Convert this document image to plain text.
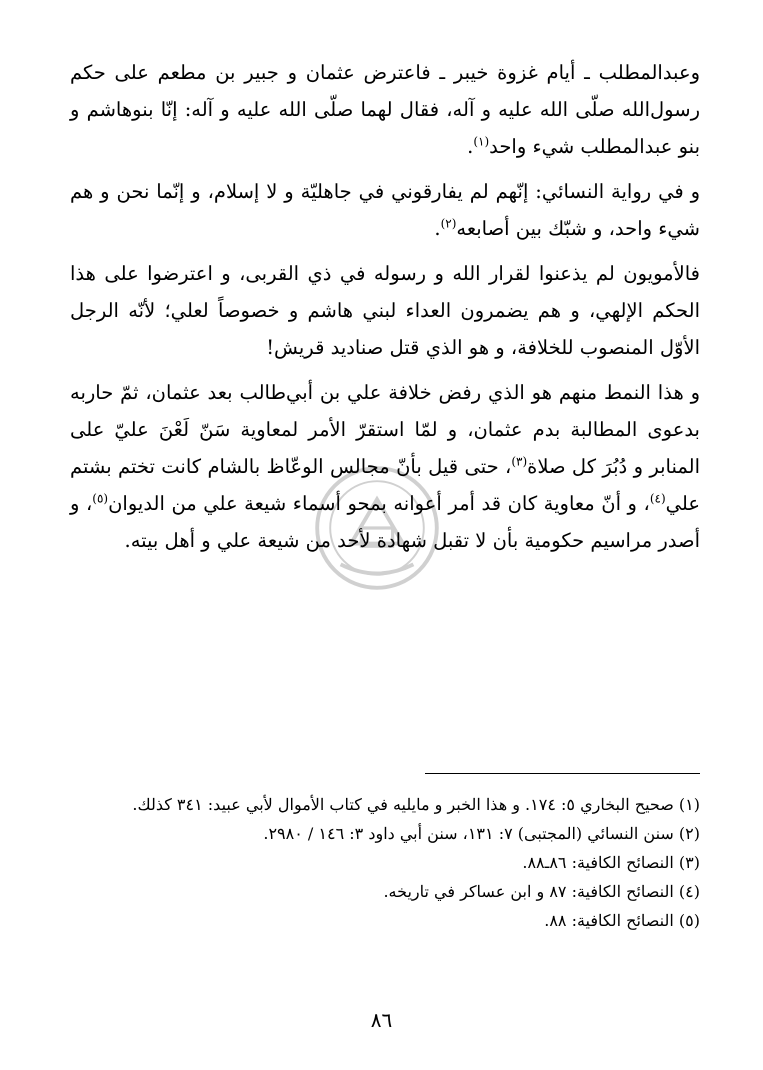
وعبدالمطلب ـ أيام غزوة خيبر ـ فاعترض عثمان و جبير بن مطعم على حكم رسول‌الله صلّى الله عليه و آله، فقال لهما صلّى الله عليه و آله: إنّا بنوهاشم و بنو عبدالمطلب شيء واحد$^{(١)}$.

و في رواية النسائي: إنّهم لم يفارقوني في جاهليّة و لا إسلام، و إنّما نحن و هم شيء واحد، و شبّك بين أصابعه$^{(٢)}$.

فالأمويون لم يذعنوا لقرار الله و رسوله في ذي القربى، و اعترضوا على هذا الحكم الإلهي، و هم يضمرون العداء لبني هاشم و خصوصاً لعلي؛ لأنّه الرجل الأوّل المنصوب للخلافة، و هو الذي قتل صناديد قريش!

و هذا النمط منهم هو الذي رفض خلافة علي بن أبي‌طالب بعد عثمان، ثمّ حاربه بدعوى المطالبة بدم عثمان، و لمّا استقرّ الأمر لمعاوية سَنّ لَعْنَ عليّ على المنابر و دُبُرَ كل صلاة$^{(٣)}$، حتى قيل بأنّ مجالس الوعّاظ بالشام كانت تختم بشتم علي$^{(٤)}$، و أنّ معاوية كان قد أمر أعوانه بمحو أسماء شيعة علي من الديوان$^{(٥)}$، و أصدر مراسيم حكومية بأن لا تقبل شهادة لأحد من شيعة علي و أهل بيته.

(١) صحيح البخاري ٥: ١٧٤. و هذا الخبر و مايليه في كتاب الأموال لأبي عبيد: ٣٤١ كذلك.

(٢) سنن النسائي (المجتبى) ٧: ١٣١، سنن أبي داود ٣: ١٤٦ / ٢٩٨٠.

(٣) النصائح الكافية: ٨٦ـ٨٨.

(٤) النصائح الكافية: ٨٧ و ابن عساكر في تاريخه.

(٥) النصائح الكافية: ٨٨.

٨٦
